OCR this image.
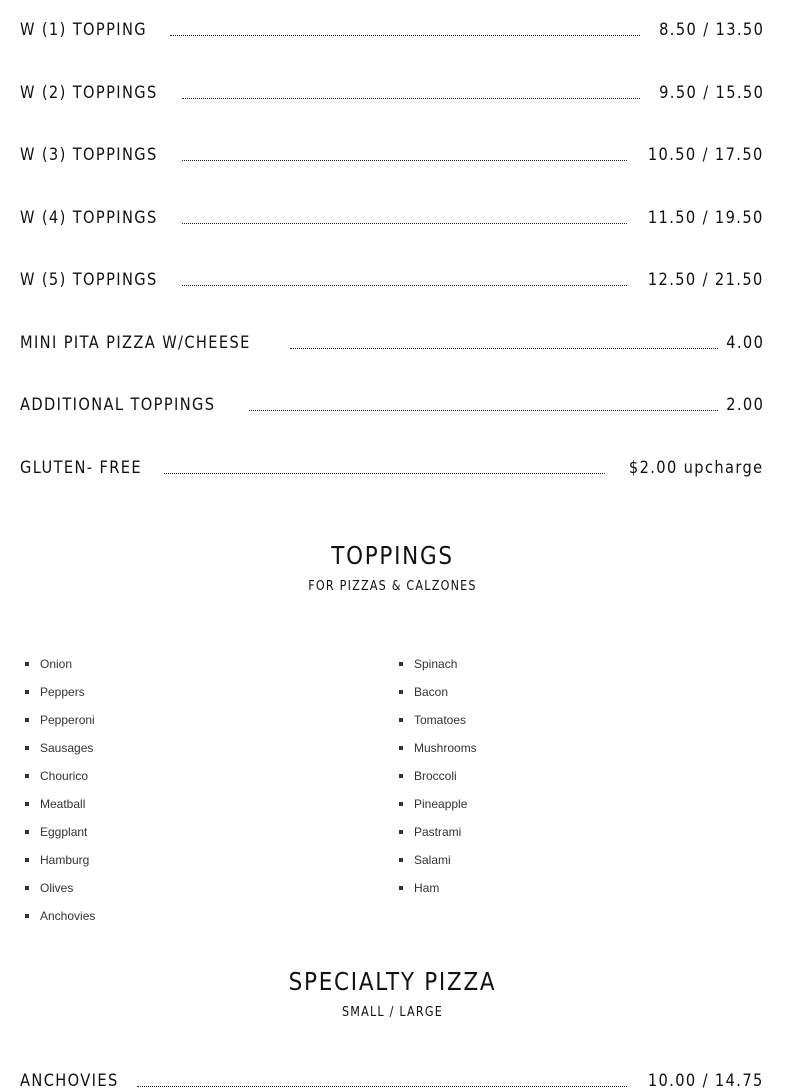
W (1) TOPPING	8.50 / 13.50
W (2) TOPPINGS	9.50 / 15.50
W (3) TOPPINGS	10.50 / 17.50
W (4) TOPPINGS	11.50 / 19.50
W (5) TOPPINGS	12.50 / 21.50
MINI PITA PIZZA W/CHEESE	4.00
ADDITIONAL TOPPINGS	2.00
GLUTEN- FREE	$2.00 upcharge
TOPPINGS
FOR PIZZAS & CALZONES
Onion
Peppers
Pepperoni
Sausages
Chourico
Meatball
Eggplant
Hamburg
Olives
Anchovies
Spinach
Bacon
Tomatoes
Mushrooms
Broccoli
Pineapple
Pastrami
Salami
Ham
SPECIALTY PIZZA
SMALL / LARGE
ANCHOVIES	10.00 / 14.75
